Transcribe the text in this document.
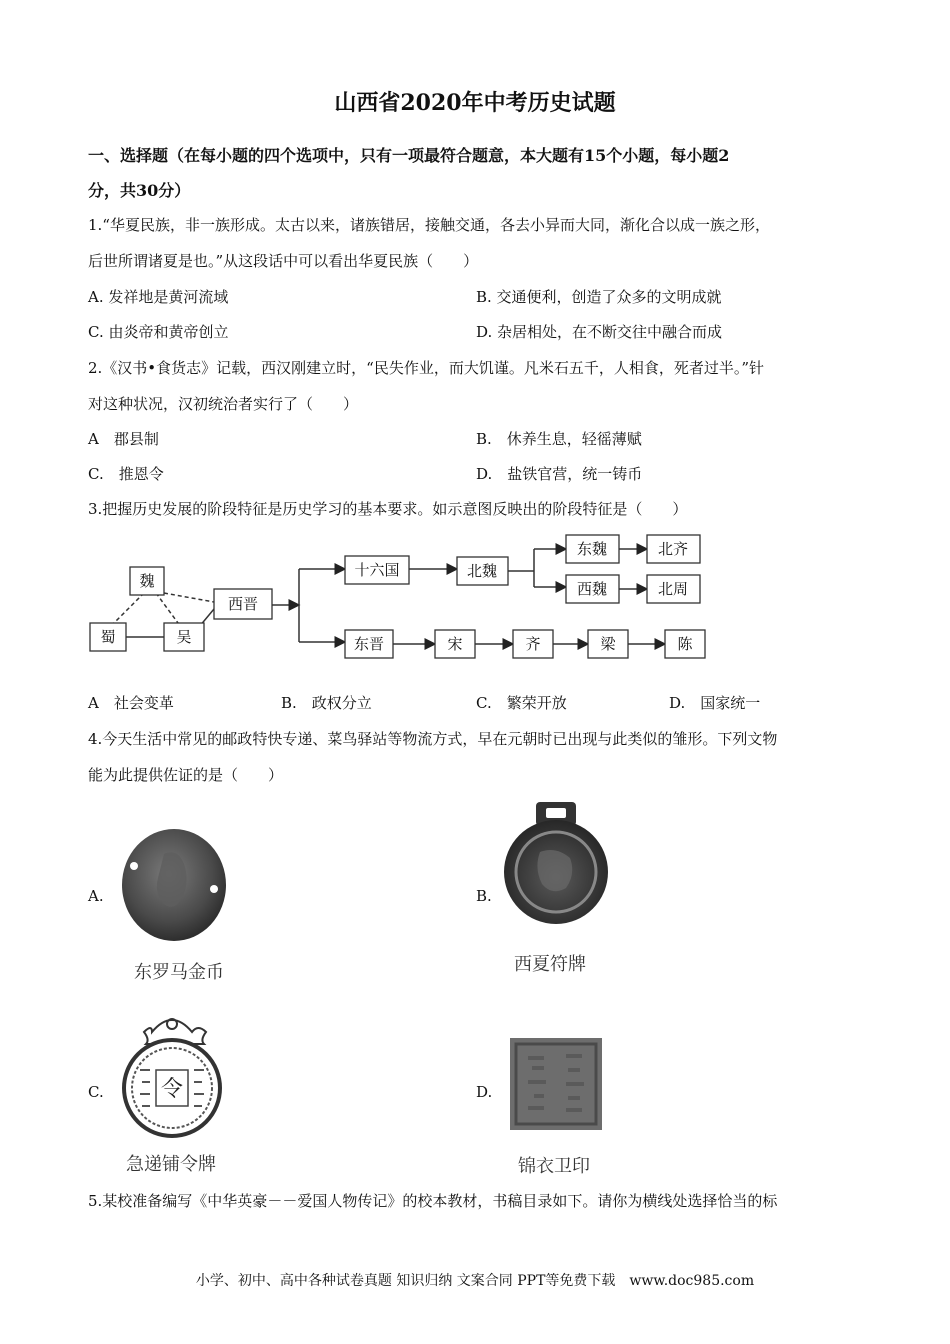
山西省2020年中考历史试题
一、选择题（在每小题的四个选项中，只有一项最符合题意，本大题有15个小题，每小题2
分，共30分）
1.“华夏民族，非一族形成。太古以来，诸族错居，接触交通，各去小异而大同，渐化合以成一族之形，
后世所谓诸夏是也。”从这段话中可以看出华夏民族（　　）
A. 发祥地是黄河流域	B. 交通便利，创造了众多的文明成就
C. 由炎帝和黄帝创立	D. 杂居相处，在不断交往中融合而成
2.《汉书•食货志》记载，西汉刚建立时，“民失作业，而大饥谨。凡米石五千，人相食，死者过半。”针
对这种状况，汉初统治者实行了（　　）
A　郡县制	B.　休养生息，轻徭薄赋
C.　推恩令	D.　盐铁官营，统一铸币
3.把握历史发展的阶段特征是历史学习的基本要求。如示意图反映出的阶段特征是（　　）
魏
蜀	吴
西晋
十六国	北魏
东魏
西魏
北齐
北周
东晋	宋	齐	梁	陈
A　社会变革	B.　政权分立	C.　繁荣开放	D.　国家统一
4.今天生活中常见的邮政特快专递、菜鸟驿站等物流方式，早在元朝时已出现与此类似的雏形。下列文物
能为此提供佐证的是（　　）
A.	B.
C.	D.
东罗马金币	西夏符牌
令
急递铺令牌	锦衣卫印
5.某校准备编写《中华英豪－－爱国人物传记》的校本教材，书稿目录如下。请你为横线处选择恰当的标
小学、初中、高中各种试卷真题 知识归纳 文案合同 PPT等免费下载　www.doc985.com
